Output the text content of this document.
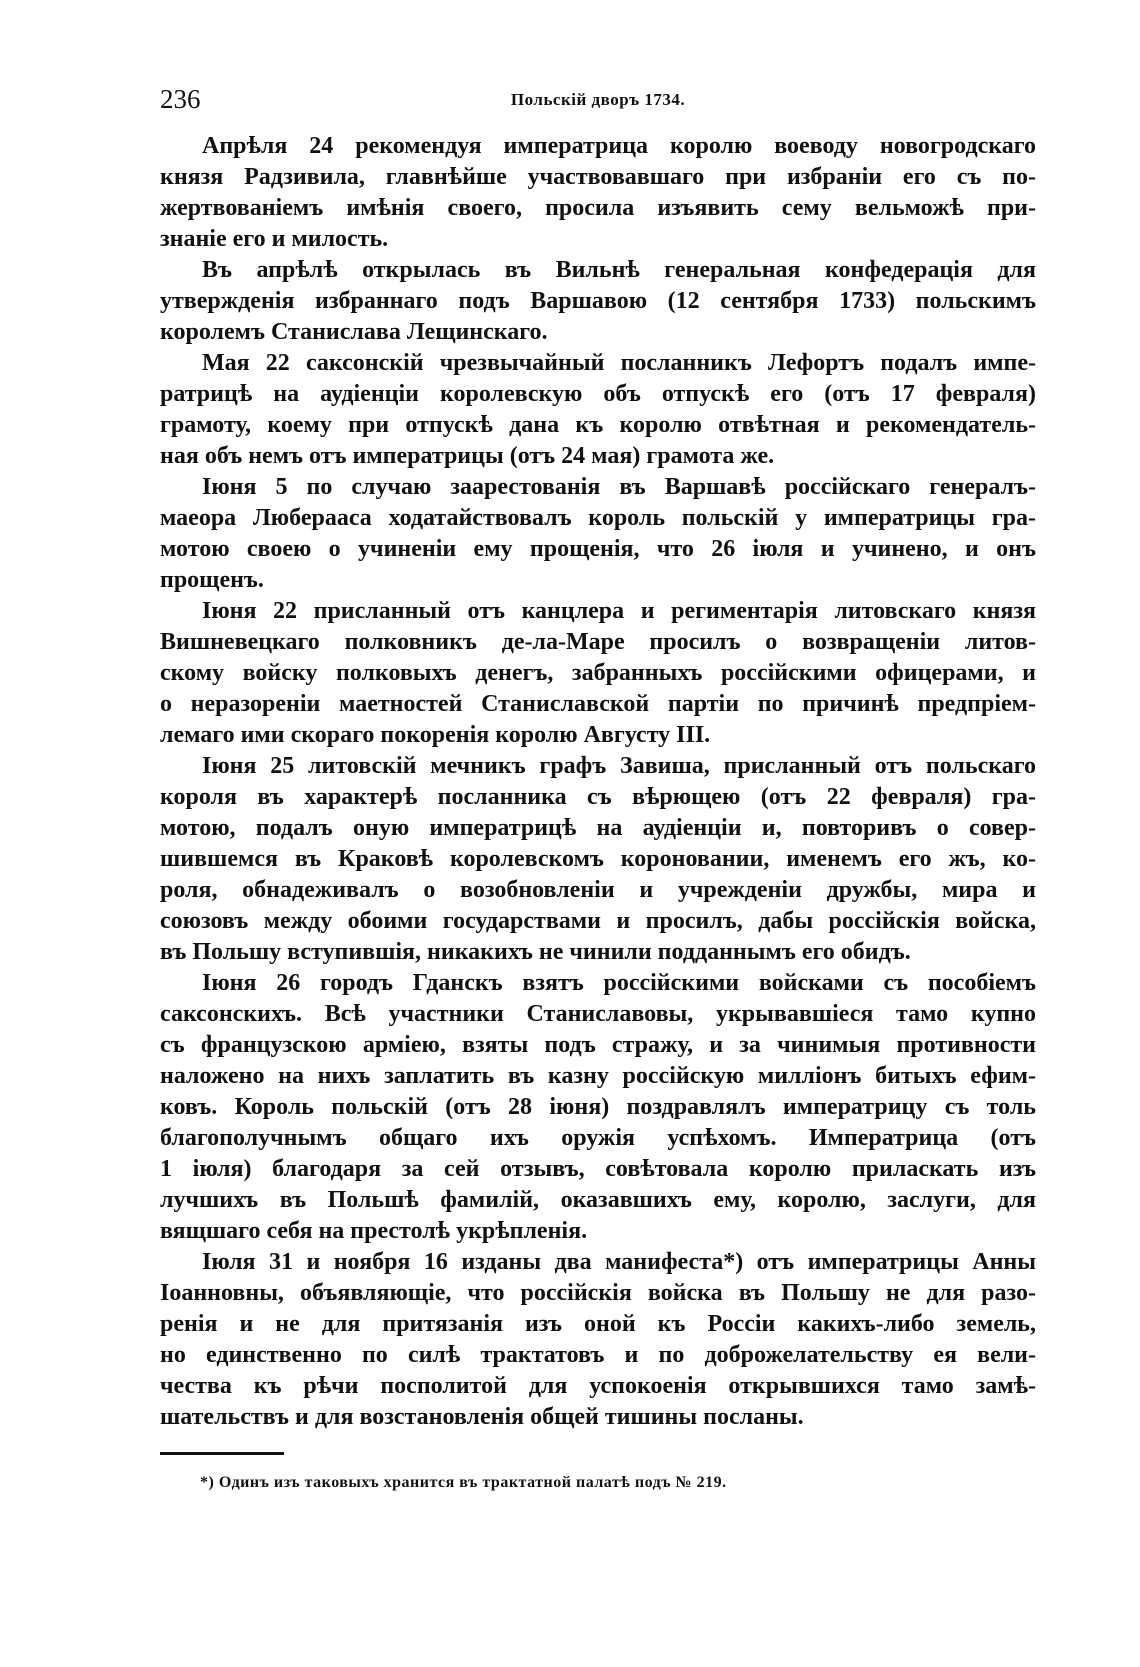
236	Польскій дворъ 1734.
Апрѣля 24 рекомендуя императрица королю воеводу новогродскаго
князя Радзивила, главнѣйше участвовавшаго при избраніи его съ по-
жертвованіемъ имѣнія своего, просила изъявить сему вельможѣ при-
знаніе его и милость.
Въ апрѣлѣ открылась въ Вильнѣ генеральная конфедерація для
утвержденія избраннаго подъ Варшавою (12 сентября 1733) польскимъ
королемъ Станислава Лещинскаго.
Мая 22 саксонскій чрезвычайный посланникъ Лефортъ подалъ импе-
ратрицѣ на аудіенціи королевскую объ отпускѣ его (отъ 17 февраля)
грамоту, коему при отпускѣ дана къ королю отвѣтная и рекомендатель-
ная объ немъ отъ императрицы (отъ 24 мая) грамота же.
Іюня 5 по случаю заарестованія въ Варшавѣ россійскаго генералъ-
маеора Люберааса ходатайствовалъ король польскій у императрицы гра-
мотою своею о учиненіи ему прощенія, что 26 іюля и учинено, и онъ
прощенъ.
Іюня 22 присланный отъ канцлера и региментарія литовскаго князя
Вишневецкаго полковникъ де-ла-Маре просилъ о возвращеніи литов-
скому войску полковыхъ денегъ, забранныхъ россійскими офицерами, и
о неразореніи маетностей Станиславской партіи по причинѣ предпріем-
лемаго ими скораго покоренія королю Августу III.
Іюня 25 литовскій мечникъ графъ Завиша, присланный отъ польскаго
короля въ характерѣ посланника съ вѣрющею (отъ 22 февраля) гра-
мотою, подалъ оную императрицѣ на аудіенціи и, повторивъ о совер-
шившемся въ Краковѣ королевскомъ короновании, именемъ его жъ, ко-
роля, обнадеживалъ о возобновленіи и учрежденіи дружбы, мира и
союзовъ между обоими государствами и просилъ, дабы россійскія войска,
въ Польшу вступившія, никакихъ не чинили подданнымъ его обидъ.
Іюня 26 городъ Гданскъ взятъ россійскими войсками съ пособіемъ
саксонскихъ. Всѣ участники Станиславовы, укрывавшіеся тамо купно
съ французскою арміею, взяты подъ стражу, и за чинимыя противности
наложено на нихъ заплатить въ казну россійскую милліонъ битыхъ ефим-
ковъ. Король польскій (отъ 28 іюня) поздравлялъ императрицу съ толь
благополучнымъ общаго ихъ оружія успѣхомъ. Императрица (отъ
1 іюля) благодаря за сей отзывъ, совѣтовала королю приласкать изъ
лучшихъ въ Польшѣ фамилій, оказавшихъ ему, королю, заслуги, для
вящшаго себя на престолѣ укрѣпленія.
Іюля 31 и ноября 16 изданы два манифеста*) отъ императрицы Анны
Іоанновны, объявляющіе, что россійскія войска въ Польшу не для разо-
ренія и не для притязанія изъ оной къ Россіи какихъ-либо земель,
но единственно по силѣ трактатовъ и по доброжелательству ея вели-
чества къ рѣчи посполитой для успокоенія открывшихся тамо замѣ-
шательствъ и для возстановленія общей тишины посланы.
*) Одинъ изъ таковыхъ хранится въ трактатной палатѣ подъ № 219.
